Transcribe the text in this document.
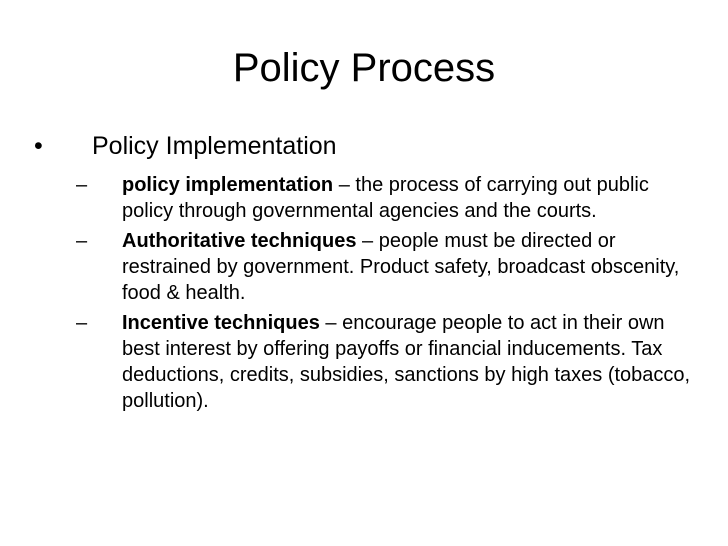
Policy Process
• Policy Implementation
– policy implementation – the process of carrying out public policy through governmental agencies and the courts.
– Authoritative techniques – people must be directed or restrained by government. Product safety, broadcast obscenity, food & health.
– Incentive techniques – encourage people to act in their own best interest by offering payoffs or financial inducements. Tax deductions, credits, subsidies, sanctions by high taxes (tobacco, pollution).
